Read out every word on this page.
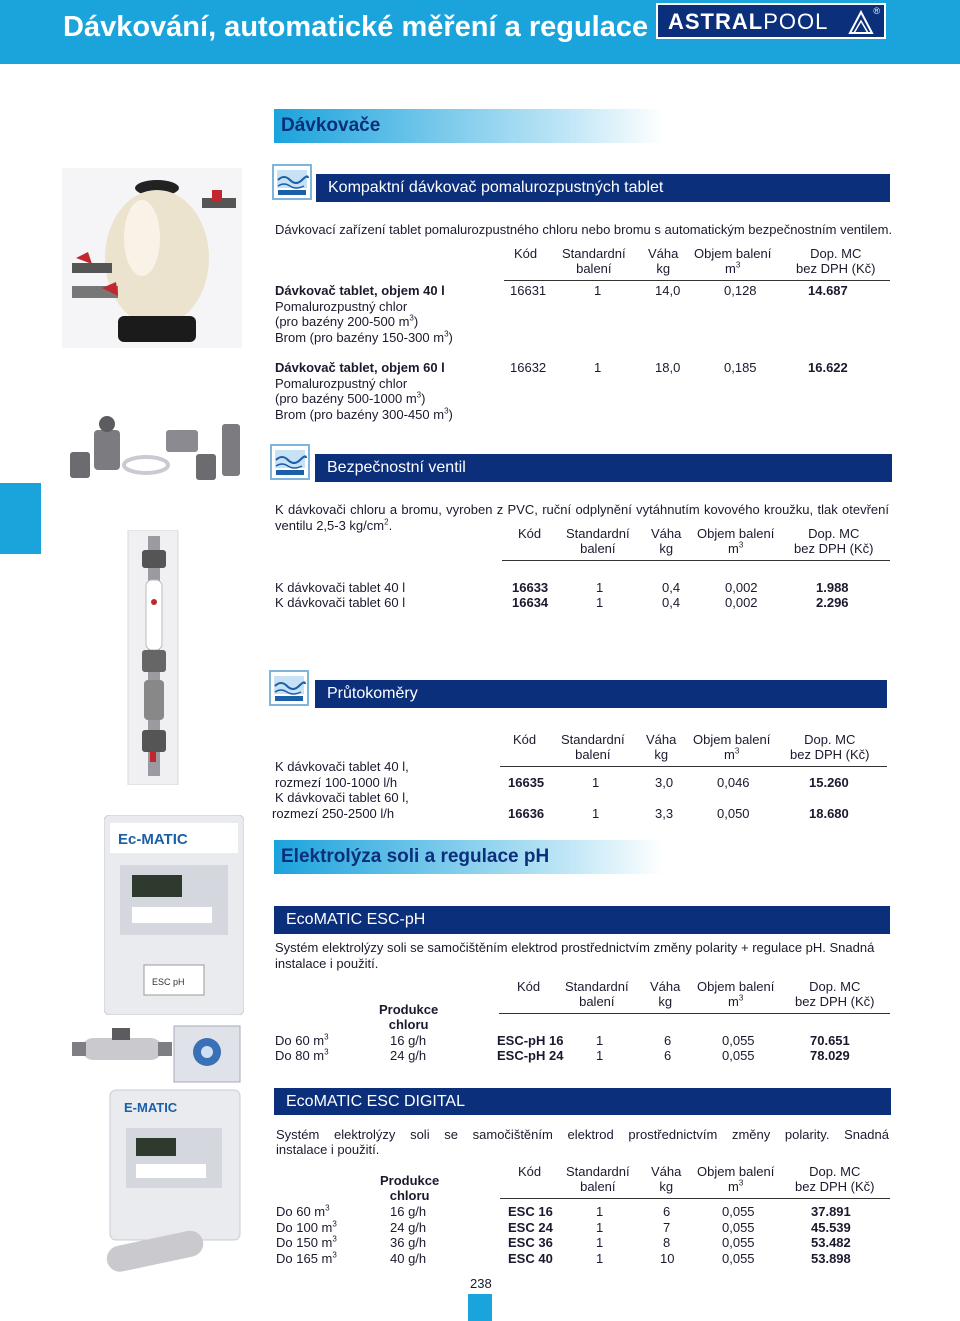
Dávkování, automatické měření a regulace ASTRALPOOL	®
Dávkovače
Kompaktní dávkovač pomalurozpustných tablet
Dávkovací zařízení tablet pomalurozpustného chloru nebo bromu s automatickým bezpečnostním ventilem.
Kód Standardní
balení
Váha
kg
Objem balení
$m^3$
Dop. MC
bez DPH (Kč)
Dávkovač tablet, objem 40 l
Pomalurozpustný chlor
(pro bazény 200-500 $m^3$)
Brom (pro bazény 150-300 $m^3$)
16631	1	14,0	0,128	14.687
Dávkovač tablet, objem 60 l
Pomalurozpustný chlor
(pro bazény 500-1000 $m^3$)
Brom (pro bazény 300-450 $m^3$)
16632	1	18,0	0,185	16.622
Bezpečnostní ventil
K dávkovači chloru a bromu, vyroben z PVC, ruční odplynění vytáhnutím kovového kroužku, tlak otevření
ventilu 2,5-3 $kg/cm^2$.
Kód Standardní
balení
Váha
kg
Objem balení
$m^3$
Dop. MC
bez DPH (Kč)
K dávkovači tablet 40 l	16633	1	0,4	0,002	1.988
K dávkovači tablet 60 l	16634	1	0,4	0,002	2.296
Průtokoměry
Kód Standardní
balení
Váha
kg
Objem balení
$m^3$
Dop. MC
bez DPH (Kč)
K dávkovači tablet 40 l,
rozmezí 100-1000 l/h	16635	1	3,0	0,046	15.260
K dávkovači tablet 60 l,
rozmezí 250-2500 l/h	16636	1	3,3	0,050	18.680
Elektrolýza soli a regulace pH
Ec-MATIC
ESC pH
EcoMATIC ESC-pH
Systém elektrolýzy soli se samočištěním elektrod prostřednictvím změny polarity + regulace pH. Snadná
instalace i použití.
Produkce
chloru
Kód Standardní
balení
Váha
kg
Objem balení
$m^3$
Dop. MC
bez DPH (Kč)
Do 60 $m^3$	16 g/h	ESC-pH 16	1	6	0,055	70.651
Do 80 $m^3$	24 g/h	ESC-pH 24	1	6	0,055	78.029
E-MATIC	EcoMATIC ESC DIGITAL
Systém elektrolýzy soli se samočištěním elektrod prostřednictvím změny polarity. Snadná
instalace i použití.
Produkce
chloru
Kód Standardní
balení
Váha
kg
Objem balení
$m^3$
Dop. MC
bez DPH (Kč)
Do 60 $m^3$	16 g/h	ESC 16	1	6	0,055	37.891
Do 100 $m^3$	24 g/h	ESC 24	1	7	0,055	45.539
Do 150 $m^3$	36 g/h	ESC 36	1	8	0,055	53.482
Do 165 $m^3$	40 g/h	ESC 40	1	10	0,055	53.898
238
